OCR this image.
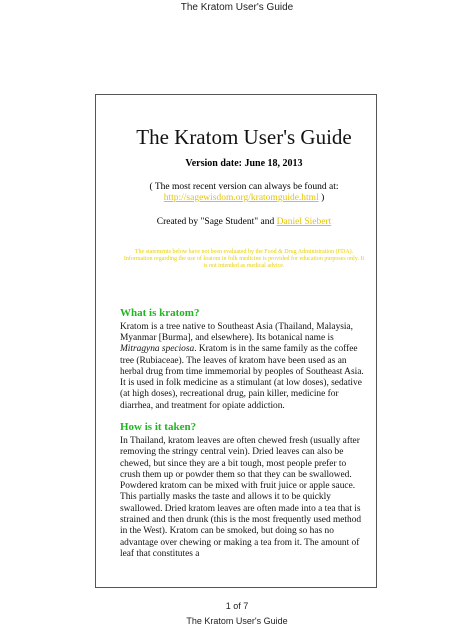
The Kratom User's Guide
The Kratom User's Guide
Version date: June 18, 2013
( The most recent version can always be found at:
http://sagewisdom.org/kratomguide.html )
Created by "Sage Student" and Daniel Siebert
The statements below have not been evaluated by the Food & Drug Administration (FDA).
Information regarding the use of kratom in folk medicine is provided for education purposes only. It is not intended as medical advice.
What is kratom?

Kratom is a tree native to Southeast Asia (Thailand, Malaysia, Myanmar [Burma], and elsewhere). Its botanical name is Mitragyna speciosa. Kratom is in the same family as the coffee tree (Rubiaceae). The leaves of kratom have been used as an herbal drug from time immemorial by peoples of Southeast Asia. It is used in folk medicine as a stimulant (at low doses), sedative (at high doses), recreational drug, pain killer, medicine for diarrhea, and treatment for opiate addiction.

How is it taken?

In Thailand, kratom leaves are often chewed fresh (usually after removing the stringy central vein). Dried leaves can also be chewed, but since they are a bit tough, most people prefer to crush them up or powder them so that they can be swallowed. Powdered kratom can be mixed with fruit juice or apple sauce. This partially masks the taste and allows it to be quickly swallowed. Dried kratom leaves are often made into a tea that is strained and then drunk (this is the most frequently used method in the West). Kratom can be smoked, but doing so has no advantage over chewing or making a tea from it. The amount of leaf that constitutes a

1 of 7
The Kratom User's Guide
